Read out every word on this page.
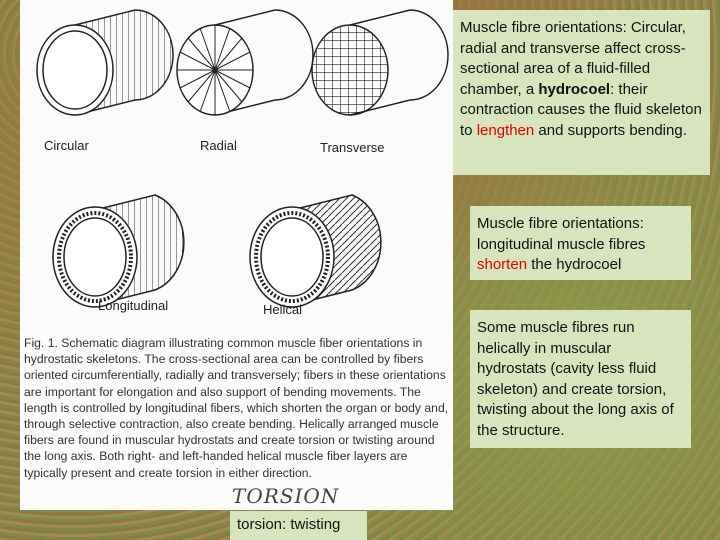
Circular	Radial	Transverse
Longitudinal	Helical
Fig. 1. Schematic diagram illustrating common muscle fiber orientations in hydrostatic skeletons. The cross-sectional area can be controlled by fibers oriented circumferentially, radially and transversely; fibers in these orientations are important for elongation and also support of bending movements. The length is controlled by longitudinal fibers, which shorten the organ or body and, through selective contraction, also create bending. Helically arranged muscle fibers are found in muscular hydrostats and create torsion or twisting around the long axis. Both right- and left-handed helical muscle fiber layers are typically present and create torsion in either direction.
TORSION
Muscle fibre orientations: Circular, radial and transverse affect cross-sectional area of a fluid-filled chamber, a hydrocoel: their contraction causes the fluid skeleton to lengthen and supports bending.
Muscle fibre orientations: longitudinal muscle fibres shorten the hydrocoel
Some muscle fibres run helically in muscular hydrostats (cavity less fluid skeleton) and create torsion, twisting about the long axis of the structure.
torsion: twisting
